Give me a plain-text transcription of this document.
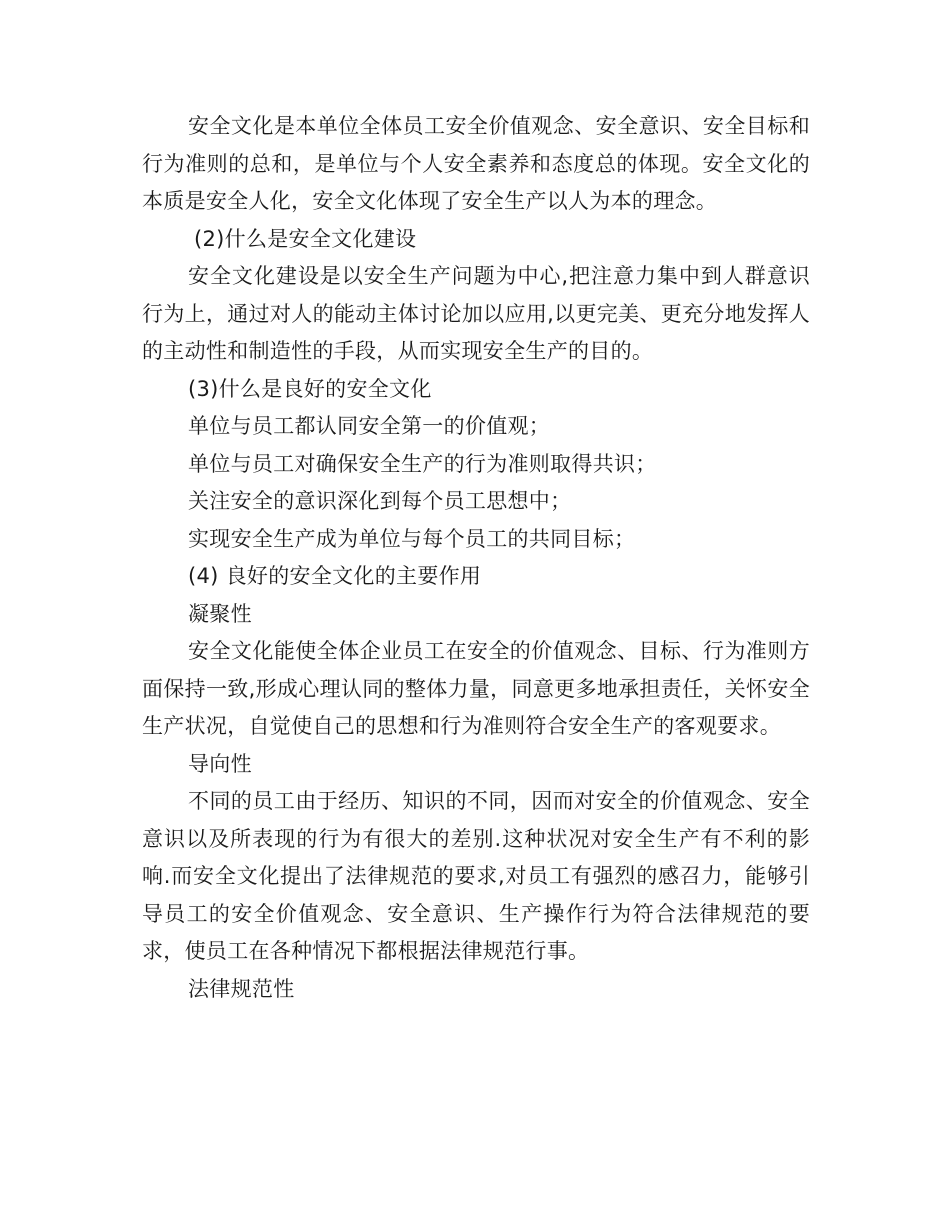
安全文化是本单位全体员工安全价值观念、安全意识、安全目标和行为准则的总和，是单位与个人安全素养和态度总的体现。安全文化的本质是安全人化，安全文化体现了安全生产以人为本的理念。

(2)什么是安全文化建设

安全文化建设是以安全生产问题为中心,把注意力集中到人群意识行为上，通过对人的能动主体讨论加以应用,以更完美、更充分地发挥人的主动性和制造性的手段，从而实现安全生产的目的。

(3)什么是良好的安全文化

单位与员工都认同安全第一的价值观；

单位与员工对确保安全生产的行为准则取得共识；

关注安全的意识深化到每个员工思想中；

实现安全生产成为单位与每个员工的共同目标；

(4) 良好的安全文化的主要作用

凝聚性

安全文化能使全体企业员工在安全的价值观念、目标、行为准则方面保持一致,形成心理认同的整体力量，同意更多地承担责任，关怀安全生产状况，自觉使自己的思想和行为准则符合安全生产的客观要求。

导向性

不同的员工由于经历、知识的不同，因而对安全的价值观念、安全意识以及所表现的行为有很大的差别.这种状况对安全生产有不利的影响.而安全文化提出了法律规范的要求,对员工有强烈的感召力，能够引导员工的安全价值观念、安全意识、生产操作行为符合法律规范的要求，使员工在各种情况下都根据法律规范行事。

法律规范性
